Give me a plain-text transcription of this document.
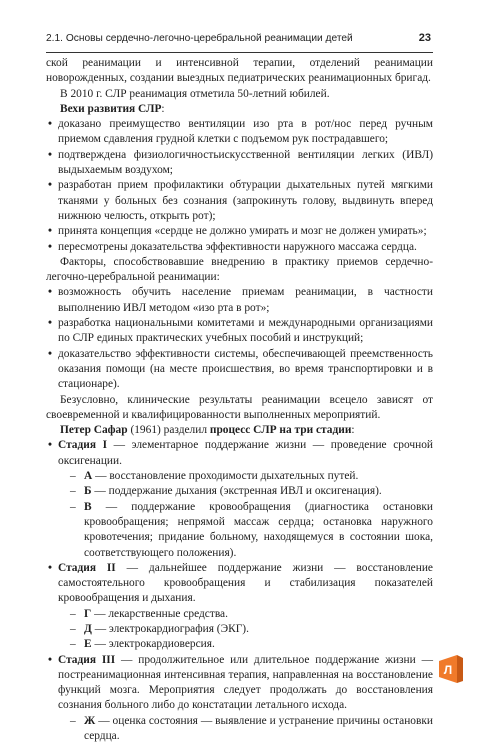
2.1. Основы сердечно-легочно-церебральной реанимации детей	23

ской реанимации и интенсивной терапии, отделений реанимации новорожденных, создании выездных педиатрических реанимационных бригад.

В 2010 г. СЛР реанимация отметила 50-летний юбилей.

Вехи развития СЛР:

• доказано преимущество вентиляции изо рта в рот/нос перед ручным приемом сдавления грудной клетки с подъемом рук пострадавшего;
• подтверждена физиологичностьискусственной вентиляции легких (ИВЛ) выдыхаемым воздухом;
• разработан прием профилактики обтурации дыхательных путей мягкими тканями у больных без сознания (запрокинуть голову, выдвинуть вперед нижнюю челюсть, открыть рот);
• принята концепция «сердце не должно умирать и мозг не должен умирать»;
• пересмотрены доказательства эффективности наружного массажа сердца.

Факторы, способствовавшие внедрению в практику приемов сердечно-легочно-церебральной реанимации:

• возможность обучить население приемам реанимации, в частности выполнению ИВЛ методом «изо рта в рот»;
• разработка национальными комитетами и международными организациями по СЛР единых практических учебных пособий и инструкций;
• доказательство эффективности системы, обеспечивающей преемственность оказания помощи (на месте происшествия, во время транспортировки и в стационаре).

Безусловно, клинические результаты реанимации всецело зависят от своевременной и квалифицированности выполненных мероприятий.

Петер Сафар (1961) разделил процесс СЛР на три стадии:

• Стадия I — элементарное поддержание жизни — проведение срочной оксигенации.
– А — восстановление проходимости дыхательных путей.
– Б — поддержание дыхания (экстренная ИВЛ и оксигенация).
– В — поддержание кровообращения (диагностика остановки кровообращения; непрямой массаж сердца; остановка наружного кровотечения; придание больному, находящемуся в состоянии шока, соответствующего положения).
• Стадия II — дальнейшее поддержание жизни — восстановление самостоятельного кровообращения и стабилизация показателей кровообращения и дыхания.
– Г — лекарственные средства.
– Д — электрокардиография (ЭКГ).
– Е — электрокардиоверсия.
• Стадия III — продолжительное или длительное поддержание жизни — постреанимационная интенсивная терапия, направленная на восстановление функций мозга. Мероприятия следует продолжать до восстановления сознания больного либо до констатации летального исхода.
– Ж — оценка состояния — выявление и устранение причины остановки сердца.
Л
